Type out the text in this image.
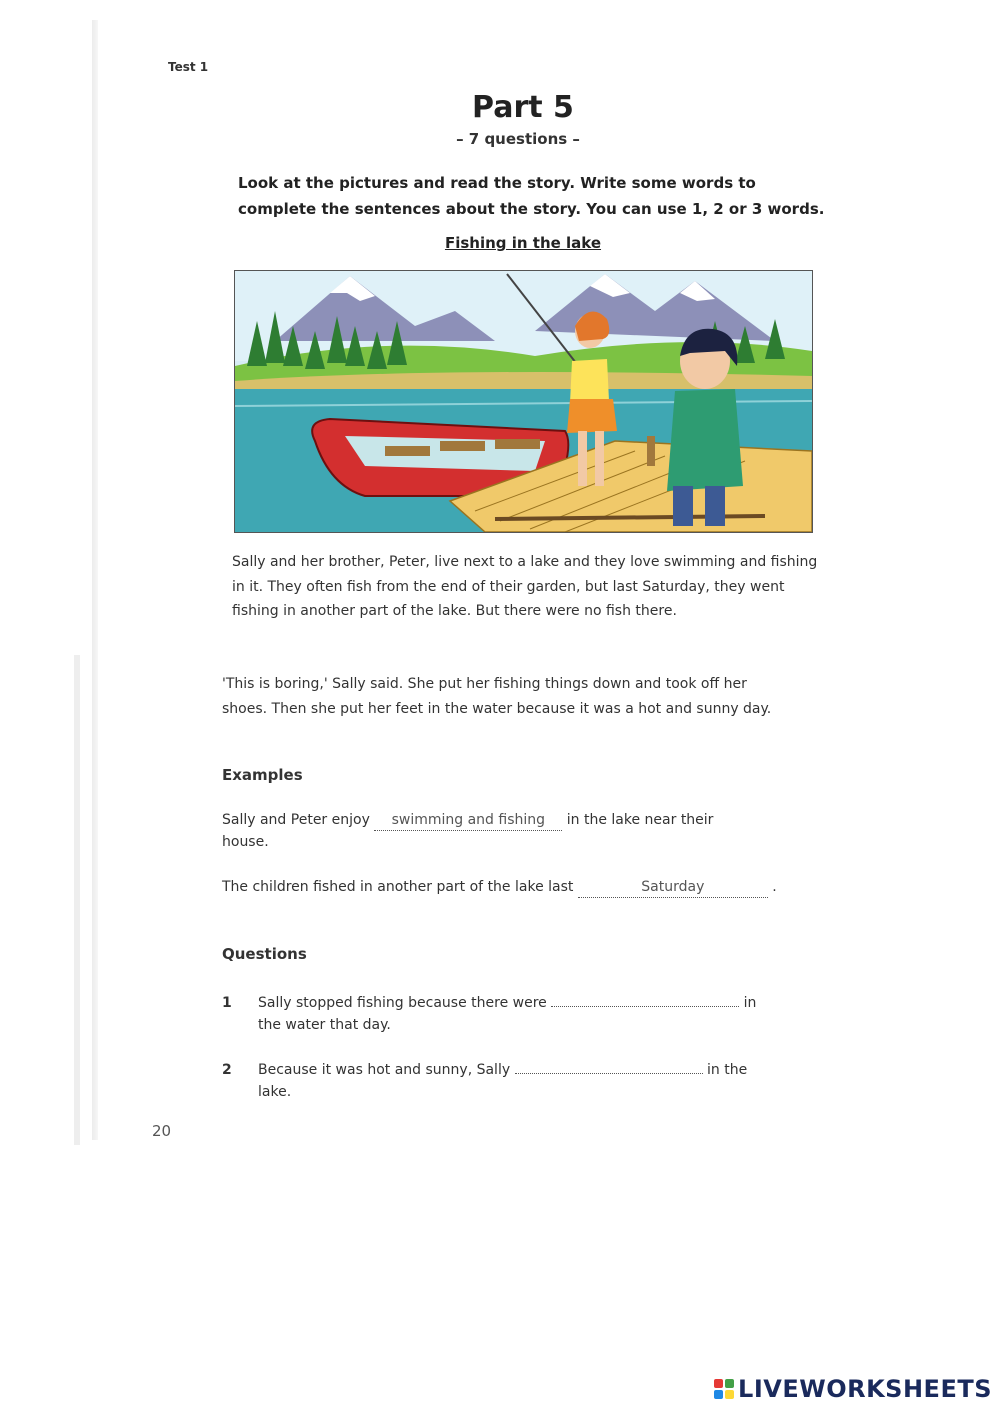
Test 1
Part 5
– 7 questions –
Look at the pictures and read the story. Write some words to complete the sentences about the story. You can use 1, 2 or 3 words.
Fishing in the lake
Sally and her brother, Peter, live next to a lake and they love swimming and fishing in it. They often fish from the end of their garden, but last Saturday, they went fishing in another part of the lake. But there were no fish there.
'This is boring,' Sally said. She put her fishing things down and took off her shoes. Then she put her feet in the water because it was a hot and sunny day.
Examples
Sally and Peter enjoy swimming and fishing in the lake near their house.
The children fished in another part of the lake last	Saturday	.
Questions
1 Sally stopped fishing because there were	in the water that day.
2 Because it was hot and sunny, Sally	in the lake.
20
LIVEWORKSHEETS
